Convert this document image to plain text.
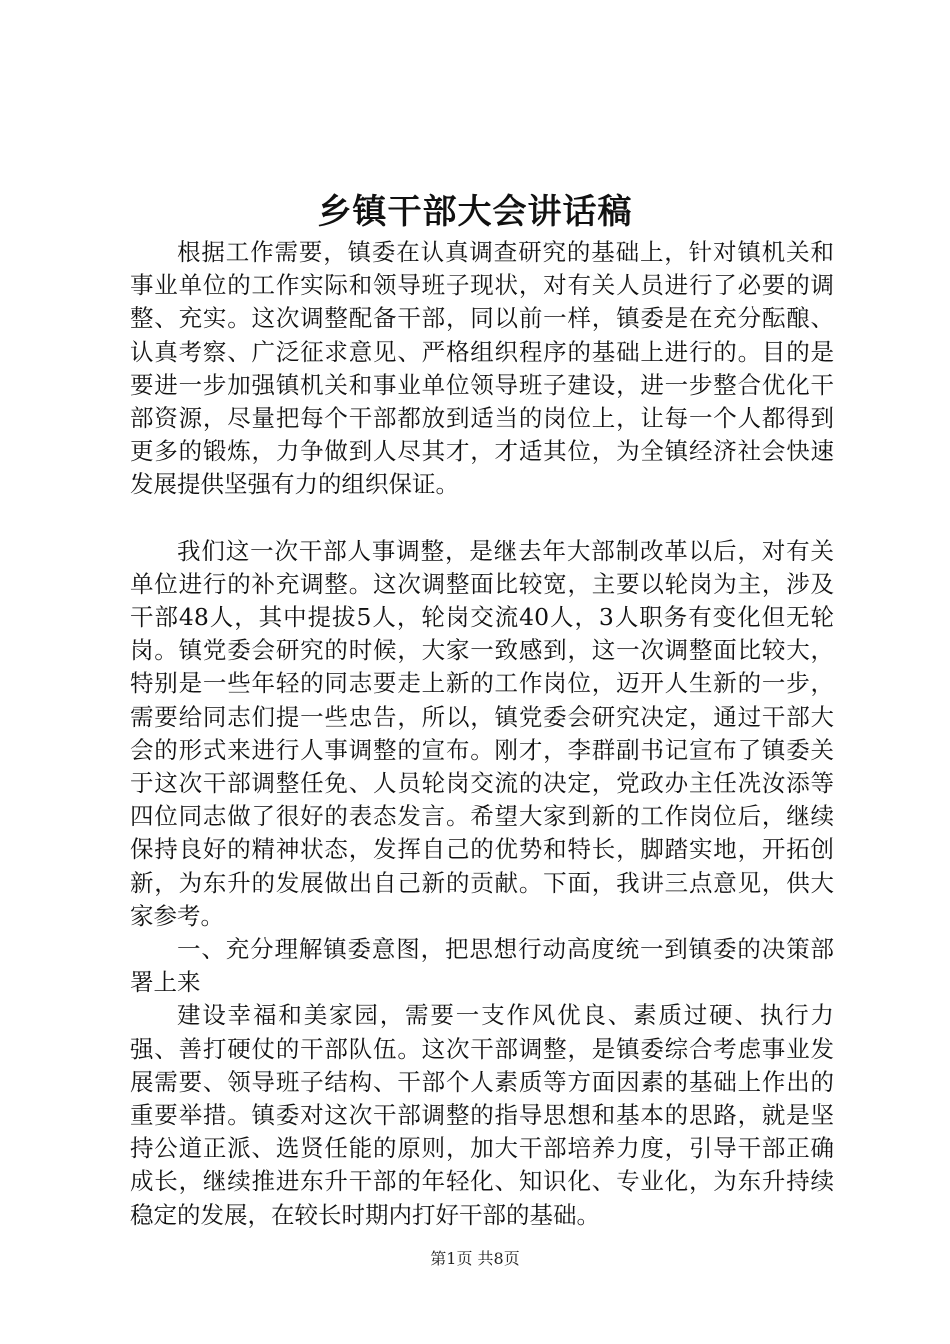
乡镇干部大会讲话稿

根据工作需要，镇委在认真调查研究的基础上，针对镇机关和事业单位的工作实际和领导班子现状，对有关人员进行了必要的调整、充实。这次调整配备干部，同以前一样，镇委是在充分酝酿、认真考察、广泛征求意见、严格组织程序的基础上进行的。目的是要进一步加强镇机关和事业单位领导班子建设，进一步整合优化干部资源，尽量把每个干部都放到适当的岗位上，让每一个人都得到更多的锻炼，力争做到人尽其才，才适其位，为全镇经济社会快速发展提供坚强有力的组织保证。

我们这一次干部人事调整，是继去年大部制改革以后，对有关单位进行的补充调整。这次调整面比较宽，主要以轮岗为主，涉及干部48人，其中提拔5人，轮岗交流40人，3人职务有变化但无轮岗。镇党委会研究的时候，大家一致感到，这一次调整面比较大，特别是一些年轻的同志要走上新的工作岗位，迈开人生新的一步，需要给同志们提一些忠告，所以，镇党委会研究决定，通过干部大会的形式来进行人事调整的宣布。刚才，李群副书记宣布了镇委关于这次干部调整任免、人员轮岗交流的决定，党政办主任冼汝添等四位同志做了很好的表态发言。希望大家到新的工作岗位后，继续保持良好的精神状态，发挥自己的优势和特长，脚踏实地，开拓创新，为东升的发展做出自己新的贡献。下面，我讲三点意见，供大家参考。

一、充分理解镇委意图，把思想行动高度统一到镇委的决策部署上来

建设幸福和美家园，需要一支作风优良、素质过硬、执行力强、善打硬仗的干部队伍。这次干部调整，是镇委综合考虑事业发展需要、领导班子结构、干部个人素质等方面因素的基础上作出的重要举措。镇委对这次干部调整的指导思想和基本的思路，就是坚持公道正派、选贤任能的原则，加大干部培养力度，引导干部正确成长，继续推进东升干部的年轻化、知识化、专业化，为东升持续稳定的发展，在较长时期内打好干部的基础。

第1页 共8页
